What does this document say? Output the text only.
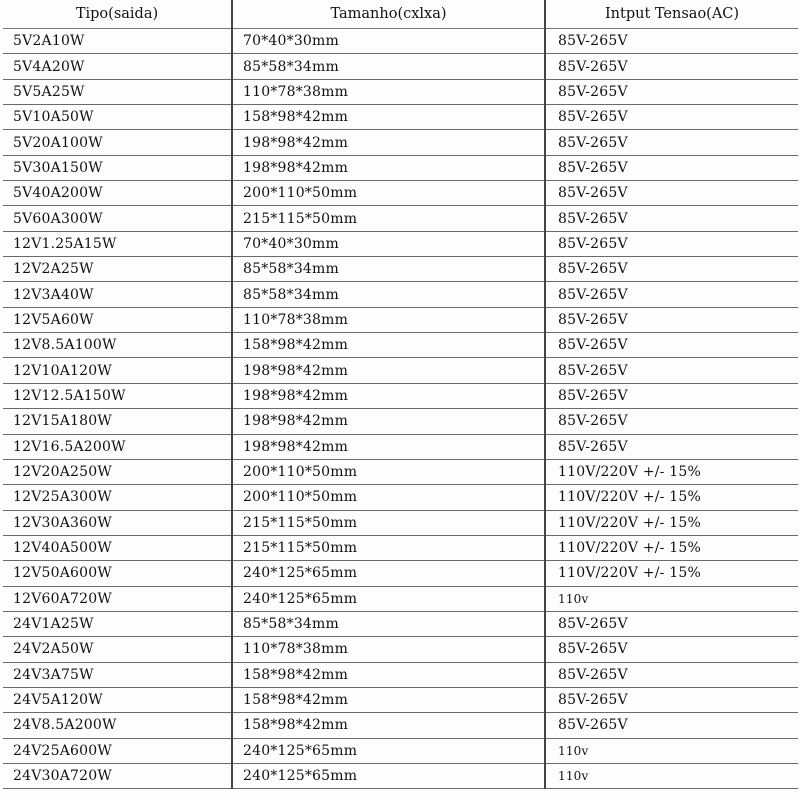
Tipo(saida)	Tamanho(cxlxa)	Intput Tensao(AC)
5V2A10W	70*40*30mm	85V-265V
5V4A20W	85*58*34mm	85V-265V
5V5A25W	110*78*38mm	85V-265V
5V10A50W	158*98*42mm	85V-265V
5V20A100W	198*98*42mm	85V-265V
5V30A150W	198*98*42mm	85V-265V
5V40A200W	200*110*50mm	85V-265V
5V60A300W	215*115*50mm	85V-265V
12V1.25A15W	70*40*30mm	85V-265V
12V2A25W	85*58*34mm	85V-265V
12V3A40W	85*58*34mm	85V-265V
12V5A60W	110*78*38mm	85V-265V
12V8.5A100W	158*98*42mm	85V-265V
12V10A120W	198*98*42mm	85V-265V
12V12.5A150W	198*98*42mm	85V-265V
12V15A180W	198*98*42mm	85V-265V
12V16.5A200W	198*98*42mm	85V-265V
12V20A250W	200*110*50mm	110V/220V +/- 15%
12V25A300W	200*110*50mm	110V/220V +/- 15%
12V30A360W	215*115*50mm	110V/220V +/- 15%
12V40A500W	215*115*50mm	110V/220V +/- 15%
12V50A600W	240*125*65mm	110V/220V +/- 15%
12V60A720W	240*125*65mm	110v
24V1A25W	85*58*34mm	85V-265V
24V2A50W	110*78*38mm	85V-265V
24V3A75W	158*98*42mm	85V-265V
24V5A120W	158*98*42mm	85V-265V
24V8.5A200W	158*98*42mm	85V-265V
24V25A600W	240*125*65mm	110v
24V30A720W	240*125*65mm	110v
